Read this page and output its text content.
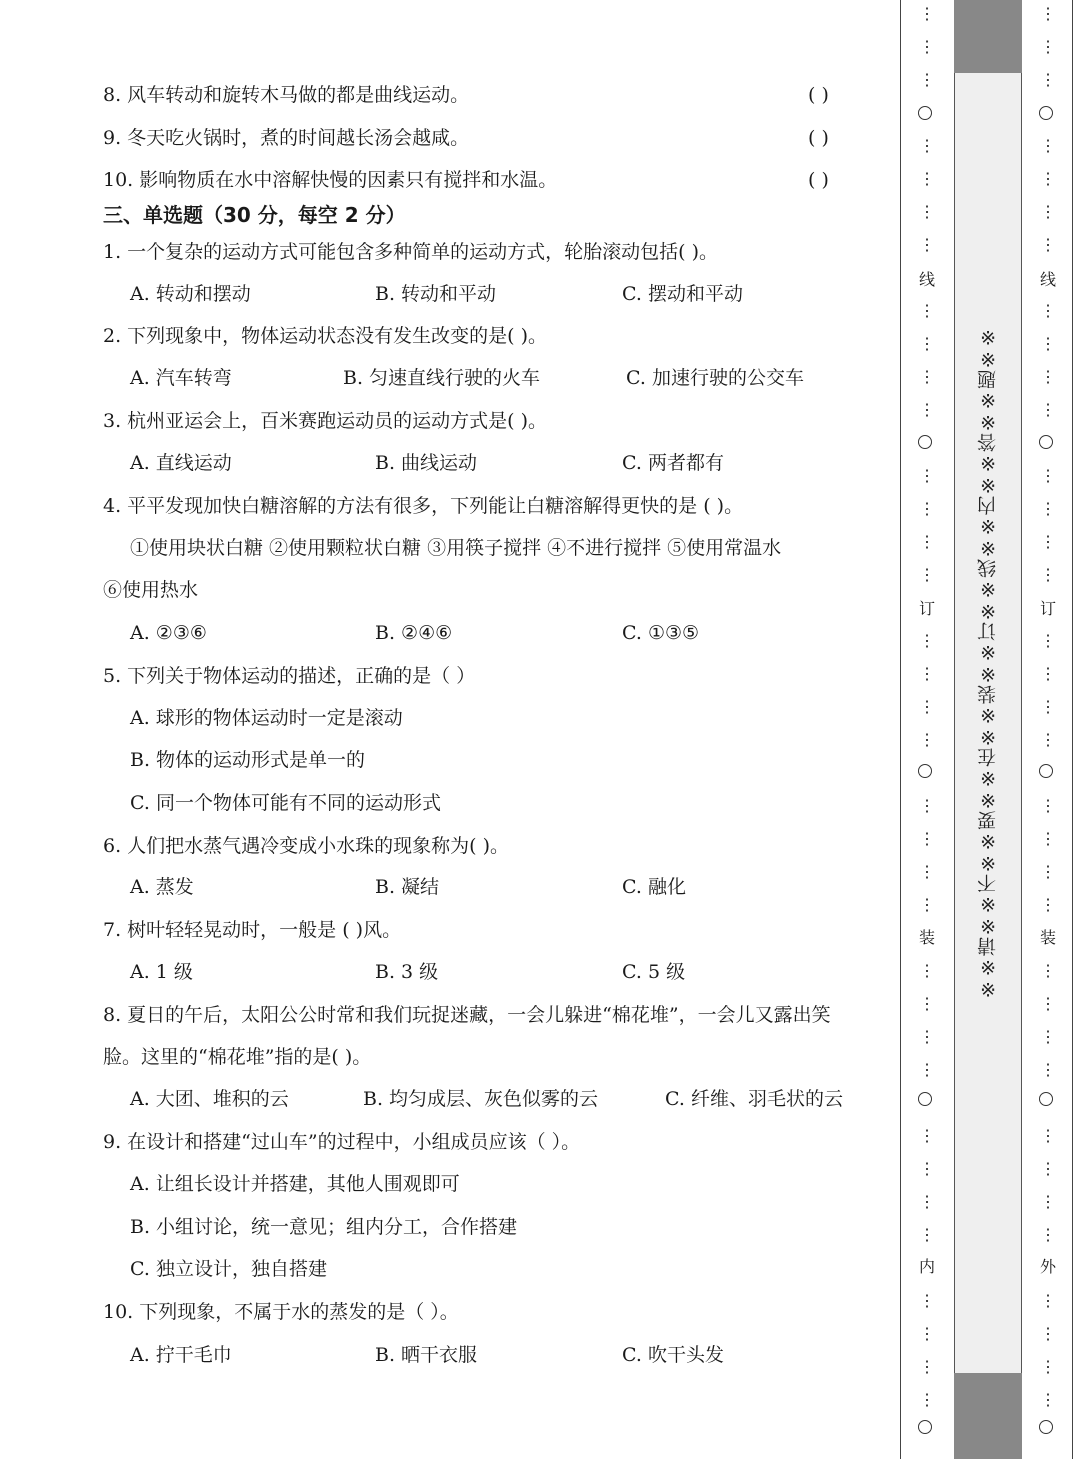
8. 风车转动和旋转木马做的都是曲线运动。	( )
9. 冬天吃火锅时，煮的时间越长汤会越咸。	( )
10. 影响物质在水中溶解快慢的因素只有搅拌和水温。	( )
三、单选题（30 分，每空 2 分）
1. 一个复杂的运动方式可能包含多种简单的运动方式，轮胎滚动包括( )。
A. 转动和摆动	B. 转动和平动	C. 摆动和平动
2. 下列现象中，物体运动状态没有发生改变的是( )。
A. 汽车转弯	B. 匀速直线行驶的火车	C. 加速行驶的公交车
3. 杭州亚运会上，百米赛跑运动员的运动方式是( )。
A. 直线运动	B. 曲线运动	C. 两者都有
4. 平平发现加快白糖溶解的方法有很多，下列能让白糖溶解得更快的是 ( )。
①使用块状白糖 ②使用颗粒状白糖 ③用筷子搅拌 ④不进行搅拌 ⑤使用常温水
⑥使用热水
A. ②③⑥	B. ②④⑥	C. ①③⑤
5. 下列关于物体运动的描述，正确的是（ ）
A. 球形的物体运动时一定是滚动
B. 物体的运动形式是单一的
C. 同一个物体可能有不同的运动形式
6. 人们把水蒸气遇冷变成小水珠的现象称为( )。
A. 蒸发	B. 凝结	C. 融化
7. 树叶轻轻晃动时，一般是 ( )风。
A. 1 级	B. 3 级	C. 5 级
8. 夏日的午后，太阳公公时常和我们玩捉迷藏，一会儿躲进“棉花堆”，一会儿又露出笑
脸。这里的“棉花堆”指的是( )。
A. 大团、堆积的云	B. 均匀成层、灰色似雾的云	C. 纤维、羽毛状的云
9. 在设计和搭建“过山车”的过程中，小组成员应该（ ）。
A. 让组长设计并搭建，其他人围观即可
B. 小组讨论，统一意见；组内分工，合作搭建
C. 独立设计，独自搭建
10. 下列现象，不属于水的蒸发的是（ ）。
A. 拧干毛巾	B. 晒干衣服	C. 吹干头发
※※请※※不※※要※※在※※装※※订※※线※※内※※答※※题※※
线
订
装
内
⋮
⋮
⋮
⋮
⋮
⋮
⋮
⋮
⋮
⋮
⋮
⋮
⋮
⋮
⋮
⋮
⋮
⋮
⋮
⋮
⋮
⋮
⋮
⋮
⋮
⋮
⋮
⋮
⋮
⋮
⋮
⋮
⋮
⋮
⋮
线
订
装
外
⋮
⋮
⋮
⋮
⋮
⋮
⋮
⋮
⋮
⋮
⋮
⋮
⋮
⋮
⋮
⋮
⋮
⋮
⋮
⋮
⋮
⋮
⋮
⋮
⋮
⋮
⋮
⋮
⋮
⋮
⋮
⋮
⋮
⋮
⋮
